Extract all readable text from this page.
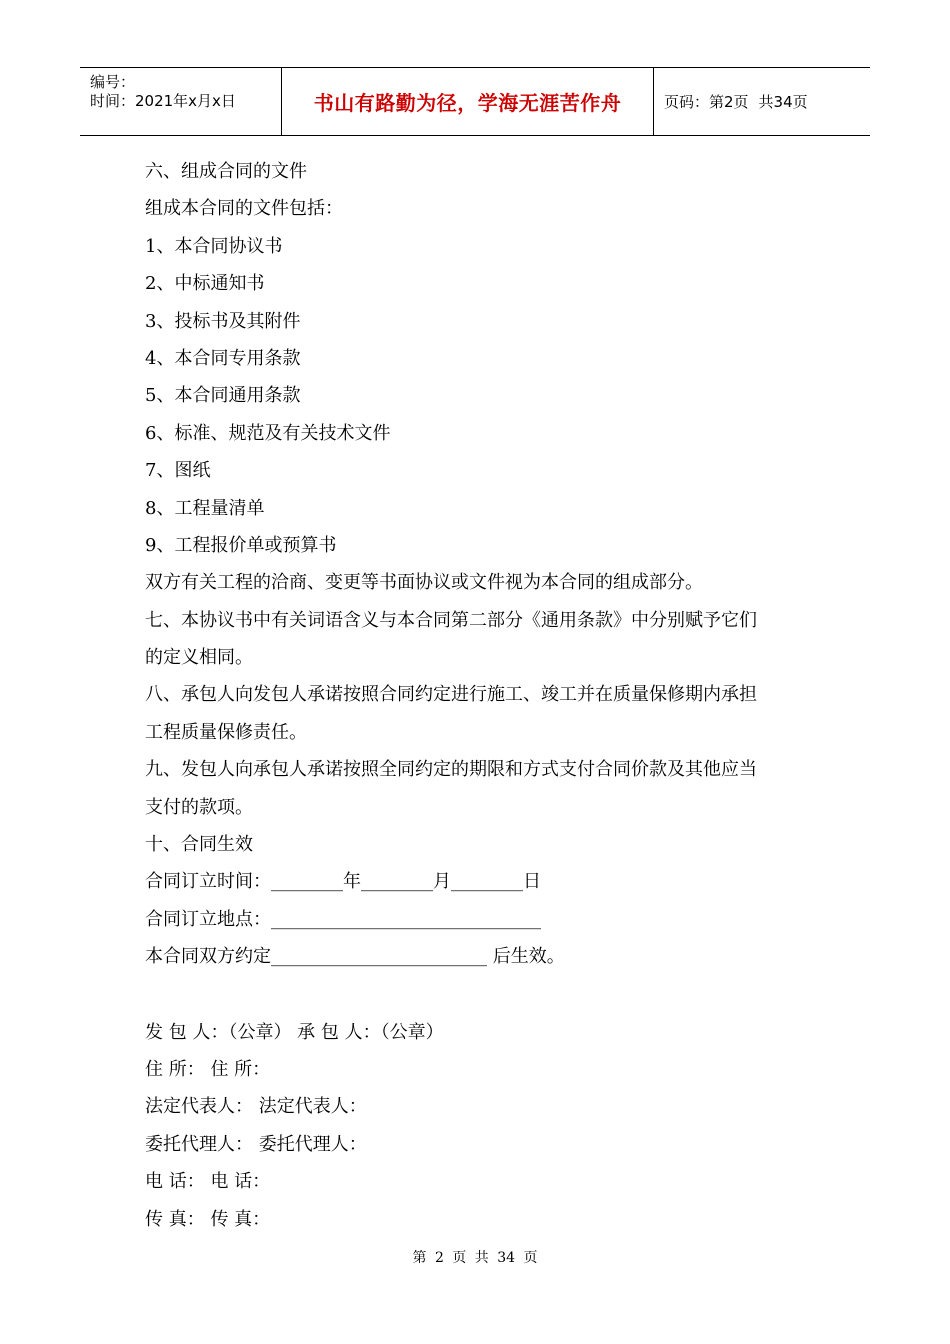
编号：
时间：2021年x月x日	书山有路勤为径，学海无涯苦作舟	页码：第2页 共34页

六、组成合同的文件

组成本合同的文件包括：

1、本合同协议书

2、中标通知书

3、投标书及其附件

4、本合同专用条款

5、本合同通用条款

6、标准、规范及有关技术文件

7、图纸

8、工程量清单

9、工程报价单或预算书

双方有关工程的洽商、变更等书面协议或文件视为本合同的组成部分。

七、本协议书中有关词语含义与本合同第二部分《通用条款》中分别赋予它们

的定义相同。

八、承包人向发包人承诺按照合同约定进行施工、竣工并在质量保修期内承担

工程质量保修责任。

九、发包人向承包人承诺按照全同约定的期限和方式支付合同价款及其他应当

支付的款项。

十、合同生效

合同订立时间：________年________月________日

合同订立地点：______________________________

本合同双方约定________________________ 后生效。

发 包 人：（公章） 承 包 人：（公章）

住 所： 住 所：

法定代表人： 法定代表人：

委托代理人： 委托代理人：

电 话： 电 话：

传 真： 传 真：

第 2 页 共 34 页
